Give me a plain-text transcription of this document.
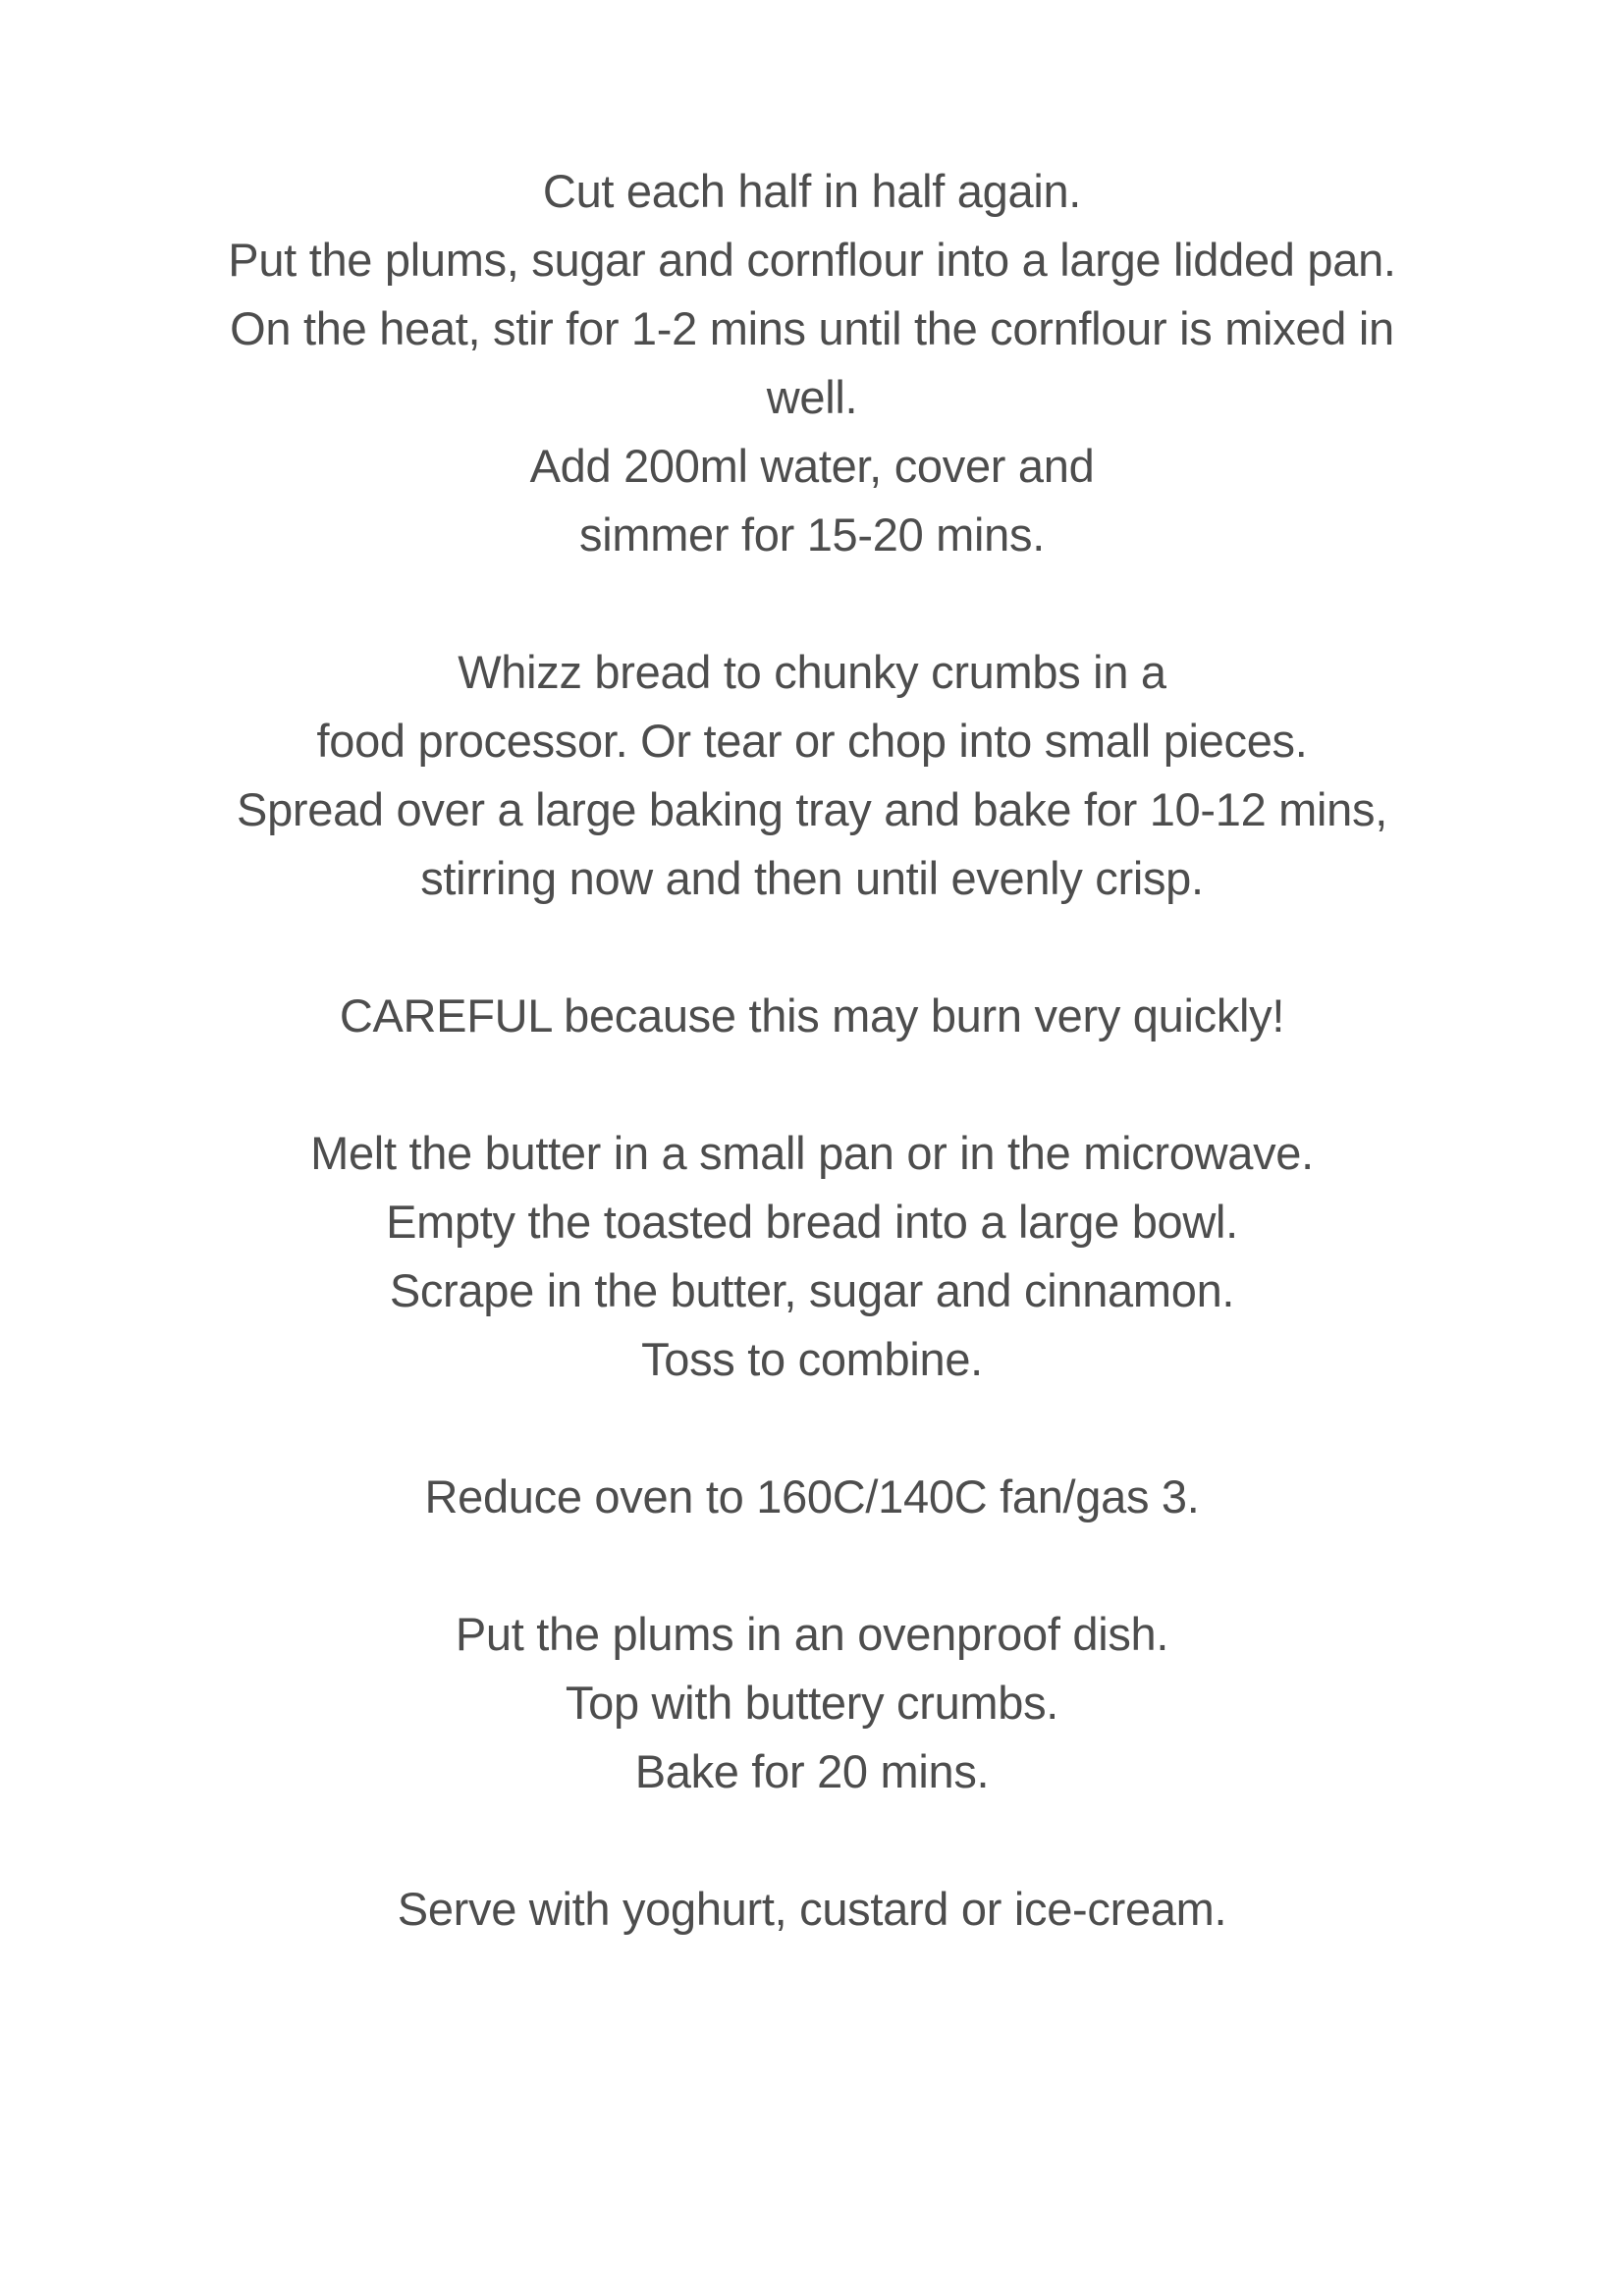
Cut each half in half again.
Put the plums, sugar and cornflour into a large lidded pan.
On the heat, stir for 1-2 mins until the cornflour is mixed in
well.
Add 200ml water, cover and
simmer for 15-20 mins.
Whizz bread to chunky crumbs in a
food processor. Or tear or chop into small pieces.
Spread over a large baking tray and bake for 10-12 mins,
stirring now and then until evenly crisp.
CAREFUL because this may burn very quickly!
Melt the butter in a small pan or in the microwave.
Empty the toasted bread into a large bowl.
Scrape in the butter, sugar and cinnamon.
Toss to combine.
Reduce oven to 160C/140C fan/gas 3.
Put the plums in an ovenproof dish.
Top with buttery crumbs.
Bake for 20 mins.
Serve with yoghurt, custard or ice-cream.
